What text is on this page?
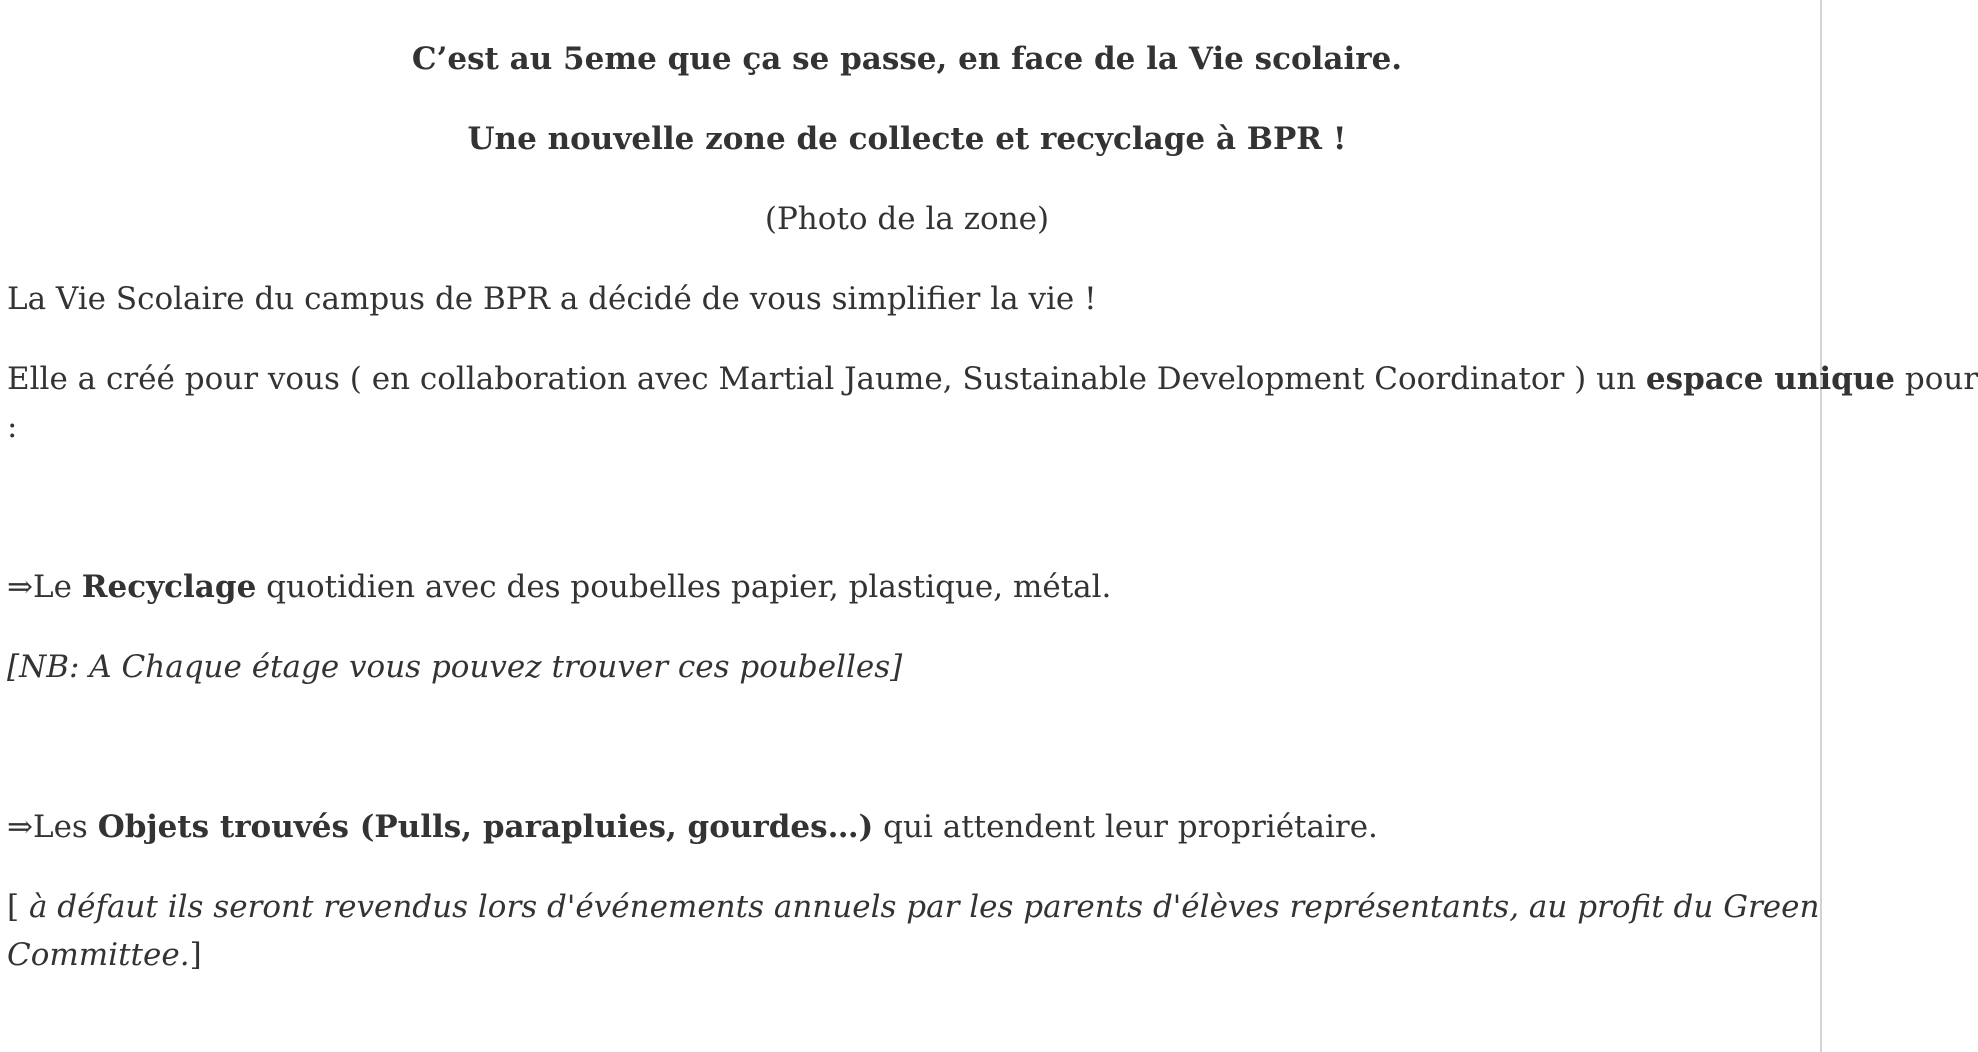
C’est au 5eme que ça se passe, en face de la Vie scolaire.
Une nouvelle zone de collecte et recyclage à BPR !
(Photo de la zone)
La Vie Scolaire du campus de BPR a décidé de vous simplifier la vie !
Elle a créé pour vous ( en collaboration avec Martial Jaume, Sustainable Development Coordinator ) un espace unique pour
:
⇒Le Recyclage quotidien avec des poubelles papier, plastique, métal.
[NB: A Chaque étage vous pouvez trouver ces poubelles]
⇒Les Objets trouvés (Pulls, parapluies, gourdes…) qui attendent leur propriétaire.
[ à défaut ils seront revendus lors d'événements annuels par les parents d'élèves représentants, au profit du Green
Committee.]
